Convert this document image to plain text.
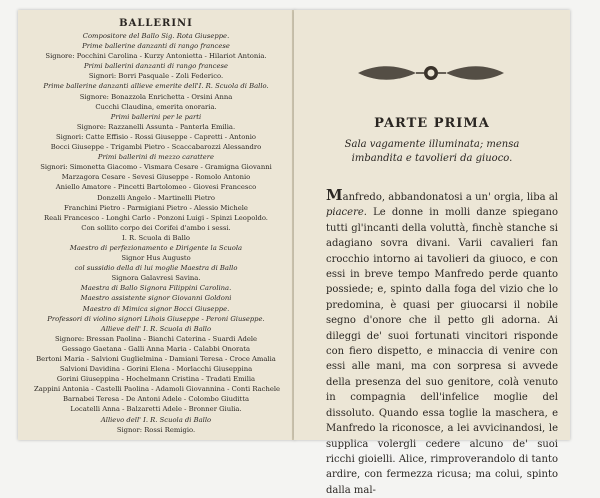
BALLERINI
Compositore del Ballo Sig. Rota Giuseppe.
Prime ballerine danzanti di rango francese
Signore: Pocchini Carolina - Kurzy Antonietta - Hilariot Antonia.
Primi ballerini danzanti di rango francese
Signori: Borri Pasquale - Zoli Federico.
Prime ballerine danzanti allieve emerite dell'I. R. Scuola di Ballo.
Signore: Bonazzola Enrichetta - Orsini Anna
Cucchi Claudina, emerita onoraria.
Primi ballerini per le parti
Signore: Razzanelli Assunta - Panterla Emilia.
Signori: Catte Effisio - Rossi Giuseppe - Capretti - Antonio
Bocci Giuseppe - Trigambi Pietro - Scaccabarozzi Alessandro
Primi ballerini di mezzo carattere
Signori: Simonetta Giacomo - Vismara Cesare - Gramigna Giovanni
Marzagora Cesare - Sevesi Giuseppe - Romolo Antonio
Aniello Amatore - Pincetti Bartolomeo - Giovesi Francesco
Donzelli Angelo - Martinelli Pietro
Franchini Pietro - Parmigiani Pietro - Alessio Michele
Reali Francesco - Longhi Carlo - Ponzoni Luigi - Spinzi Leopoldo.
Con sollito corpo dei Corifei d'ambo i sessi.
I. R. Scuola di Ballo
Maestro di perfezionamento e Dirigente la Scuola
Signor Hus Augusto
col sussidio della di lui moglie Maestra di Ballo
Signora Galavresi Savina.
Maestra di Ballo Signora Filippini Carolina.
Maestro assistente signor Giovanni Goldoni
Maestro di Mimica signor Bocci Giuseppe.
Professori di violino signori Lihois Giuseppe - Peroni Giuseppe.
Allieve dell' I. R. Scuola di Ballo
Signore: Bressan Paolina - Bianchi Caterina - Suardi Adele
Gessago Gaetana - Galli Anna Maria - Calabbi Onorata
Bertoni Maria - Salvioni Guglielmina - Damiani Teresa - Croce Amalia
Salvioni Davidina - Gorini Elena - Morlacchi Giuseppina
Gorini Giuseppina - Hochelmann Cristina - Tradati Emilia
Zappini Antonia - Castelli Paolina - Adamoli Giovannina - Conti Rachele
Barnabei Teresa - De Antoni Adele - Colombo Giuditta
Locatelli Anna - Balzaretti Adele - Bronner Giulia.
Allievo dell' I. R. Scuola di Ballo
Signor: Rossi Remigio.
PARTE PRIMA
Sala vagamente illuminata; mensa imbandita e tavolieri da giuoco.
Manfredo, abbandonatosi a un' orgia, liba al piacere. Le donne in molli danze spiegano tutti gl'incanti della voluttà, finchè stanche si adagiano sovra divani. Varii cavalieri fan crocchio intorno ai tavolieri da giuoco, e con essi in breve tempo Manfredo perde quanto possiede; e, spinto dalla foga del vizio che lo predomina, è quasi per giuocarsi il nobile segno d'onore che il petto gli adorna. Ai dileggi de' suoi fortunati vincitori risponde con fiero dispetto, e minaccia di venire con essi alle mani, ma con sorpresa si avvede della presenza del suo genitore, colà venuto in compagnia dell'infelice moglie del dissoluto. Quando essa toglie la maschera, e Manfredo la riconosce, a lei avvicinandosi, le supplica volergli cedere alcuno de' suoi ricchi gioielli. Alice, rimproverandolo di tanto ardire, con fermezza ricusa; ma colui, spinto dalla mal-
